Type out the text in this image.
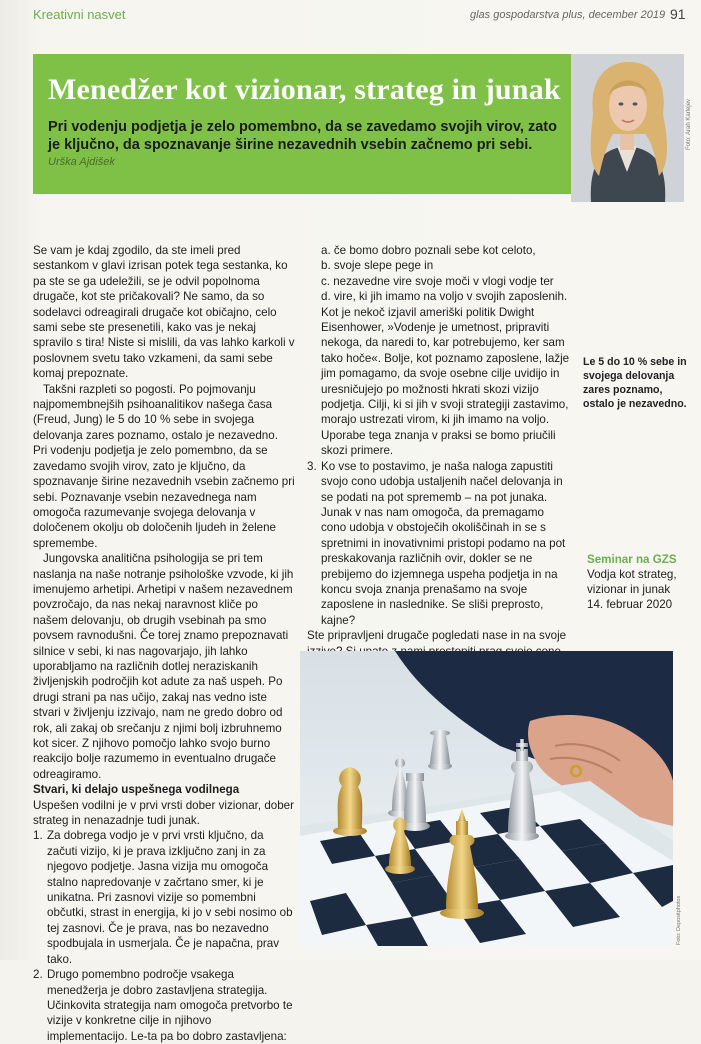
Kreativni nasvet	glas gospodarstva plus, december 2019 91
Menedžer kot vizionar, strateg in junak
Pri vodenju podjetja je zelo pomembno, da se zavedamo svojih virov, zato je ključno, da spoznavanje širine nezavednih vsebin začnemo pri sebi.
Urška Ajdišek
Foto: Arah Karlejev

Se vam je kdaj zgodilo, da ste imeli pred sestankom v glavi izrisan potek tega sestanka, ko pa ste se ga udeležili, se je odvil popolnoma drugače, kot ste pričakovali? Ne samo, da so sodelavci odreagirali drugače kot običajno, celo sami sebe ste presenetili, kako vas je nekaj spravilo s tira! Niste si mislili, da vas lahko karkoli v poslovnem svetu tako vzkameni, da sami sebe komaj prepoznate.

Takšni razpleti so pogosti. Po pojmovanju najpomembnejših psihoanalitikov našega časa (Freud, Jung) le 5 do 10 % sebe in svojega delovanja zares poznamo, ostalo je nezavedno. Pri vodenju podjetja je zelo pomembno, da se zavedamo svojih virov, zato je ključno, da spoznavanje širine nezavednih vsebin začnemo pri sebi. Poznavanje vsebin nezavednega nam omogoča razumevanje svojega delovanja v določenem okolju ob določenih ljudeh in želene spremembe.

Jungovska analitična psihologija se pri tem naslanja na naše notranje psihološke vzvode, ki jih imenujemo arhetipi. Arhetipi v našem nezavednem povzročajo, da nas nekaj naravnost kliče po našem delovanju, ob drugih vsebinah pa smo povsem ravnodušni. Če torej znamo prepoznavati silnice v sebi, ki nas nagovarjajo, jih lahko uporabljamo na različnih dotlej neraziskanih življenjskih področjih kot adute za naš uspeh. Po drugi strani pa nas učijo, zakaj nas vedno iste stvari v življenju izzivajo, nam ne gredo dobro od rok, ali zakaj ob srečanju z njimi bolj izbruhnemo kot sicer. Z njihovo pomočjo lahko svojo burno reakcijo bolje razumemo in eventualno drugače odreagiramo.

Stvari, ki delajo uspešnega vodilnega

Uspešen vodilni je v prvi vrsti dober vizionar, dober strateg in nenazadnje tudi junak.

1. Za dobrega vodjo je v prvi vrsti ključno, da začuti vizijo, ki je prava izključno zanj in za njegovo podjetje. Jasna vizija mu omogoča stalno napredovanje v začrtano smer, ki je unikatna. Pri zasnovi vizije so pomembni občutki, strast in energija, ki jo v sebi nosimo ob tej zasnovi. Če je prava, nas bo nezavedno spodbujala in usmerjala. Če je napačna, prav tako.
2. Drugo pomembno področje vsakega menedžerja je dobro zastavljena strategija. Učinkovita strategija nam omogoča pretvorbo te vizije v konkretne cilje in njihovo implementacijo. Le-ta pa bo dobro zastavljena:
a. če bomo dobro poznali sebe kot celoto,
b. svoje slepe pege in
c. nezavedne vire svoje moči v vlogi vodje ter
d. vire, ki jih imamo na voljo v svojih zaposlenih.

Kot je nekoč izjavil ameriški politik Dwight Eisenhower, »Vodenje je umetnost, pripraviti nekoga, da naredi to, kar potrebujemo, ker sam tako hoče«. Bolje, kot poznamo zaposlene, lažje jim pomagamo, da svoje osebne cilje uvidijo in uresničujejo po možnosti hkrati skozi vizijo podjetja. Cilji, ki si jih v svoji strategiji zastavimo, morajo ustrezati virom, ki jih imamo na voljo. Uporabe tega znanja v praksi se bomo priučili skozi primere.

3. Ko vse to postavimo, je naša naloga zapustiti svojo cono udobja ustaljenih načel delovanja in se podati na pot sprememb – na pot junaka. Junak v nas nam omogoča, da premagamo cono udobja v obstoječih okoliščinah in se s spretnimi in inovativnimi pristopi podamo na pot preskakovanja različnih ovir, dokler se ne prebijemo do izjemnega uspeha podjetja in na koncu svoja znanja prenašamo na svoje zaposlene in naslednike. Se sliši preprosto, kajne?

Ste pripravljeni drugače pogledati nase in na svoje

Le 5 do 10 % sebe in svojega delovanja zares poznamo, ostalo je nezavedno.
Seminar na GZS
Vodja kot strateg, vizionar in junak
14. februar 2020
Foto: Depositphotos
